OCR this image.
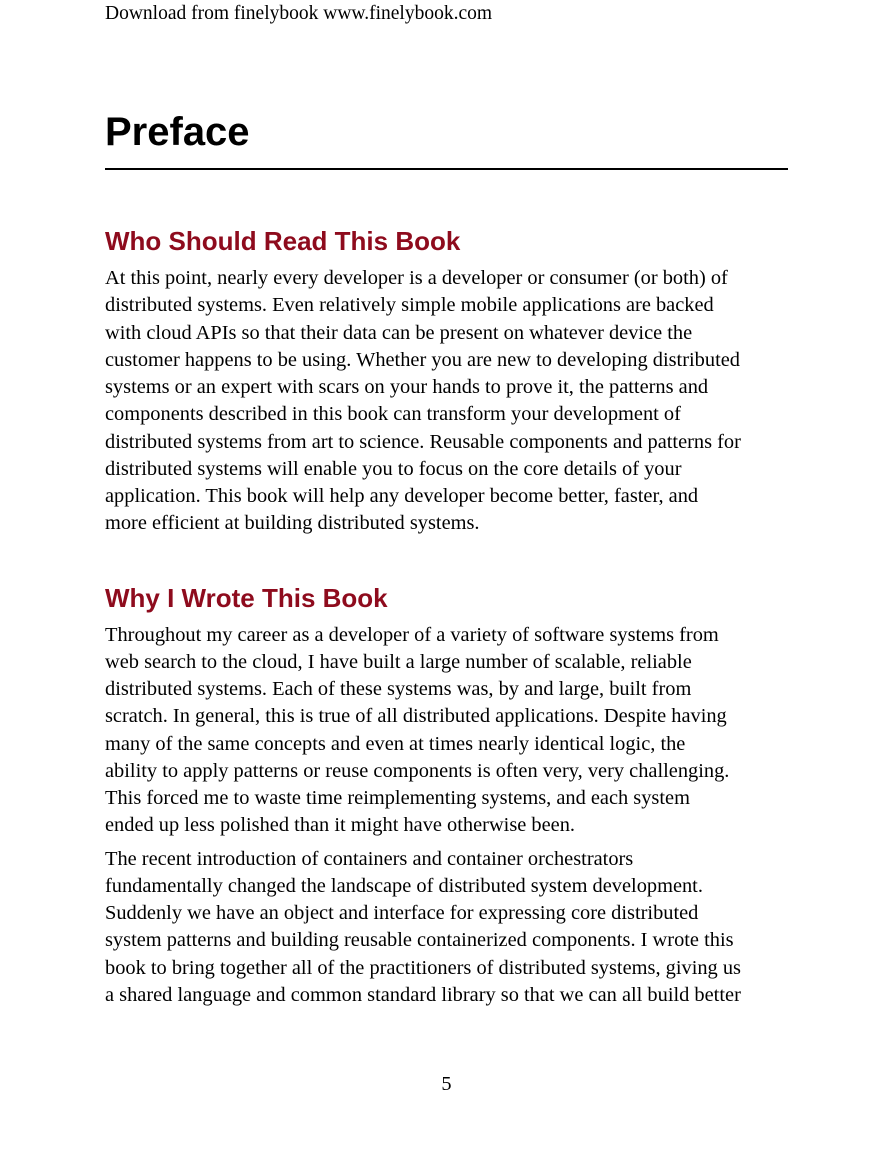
Download from finelybook www.finelybook.com
Preface
Who Should Read This Book

At this point, nearly every developer is a developer or consumer (or both) of
distributed systems. Even relatively simple mobile applications are backed
with cloud APIs so that their data can be present on whatever device the
customer happens to be using. Whether you are new to developing distributed
systems or an expert with scars on your hands to prove it, the patterns and
components described in this book can transform your development of
distributed systems from art to science. Reusable components and patterns for
distributed systems will enable you to focus on the core details of your
application. This book will help any developer become better, faster, and
more efficient at building distributed systems.

Why I Wrote This Book

Throughout my career as a developer of a variety of software systems from
web search to the cloud, I have built a large number of scalable, reliable
distributed systems. Each of these systems was, by and large, built from
scratch. In general, this is true of all distributed applications. Despite having
many of the same concepts and even at times nearly identical logic, the
ability to apply patterns or reuse components is often very, very challenging.
This forced me to waste time reimplementing systems, and each system
ended up less polished than it might have otherwise been.

The recent introduction of containers and container orchestrators
fundamentally changed the landscape of distributed system development.
Suddenly we have an object and interface for expressing core distributed
system patterns and building reusable containerized components. I wrote this
book to bring together all of the practitioners of distributed systems, giving us
a shared language and common standard library so that we can all build better

5
